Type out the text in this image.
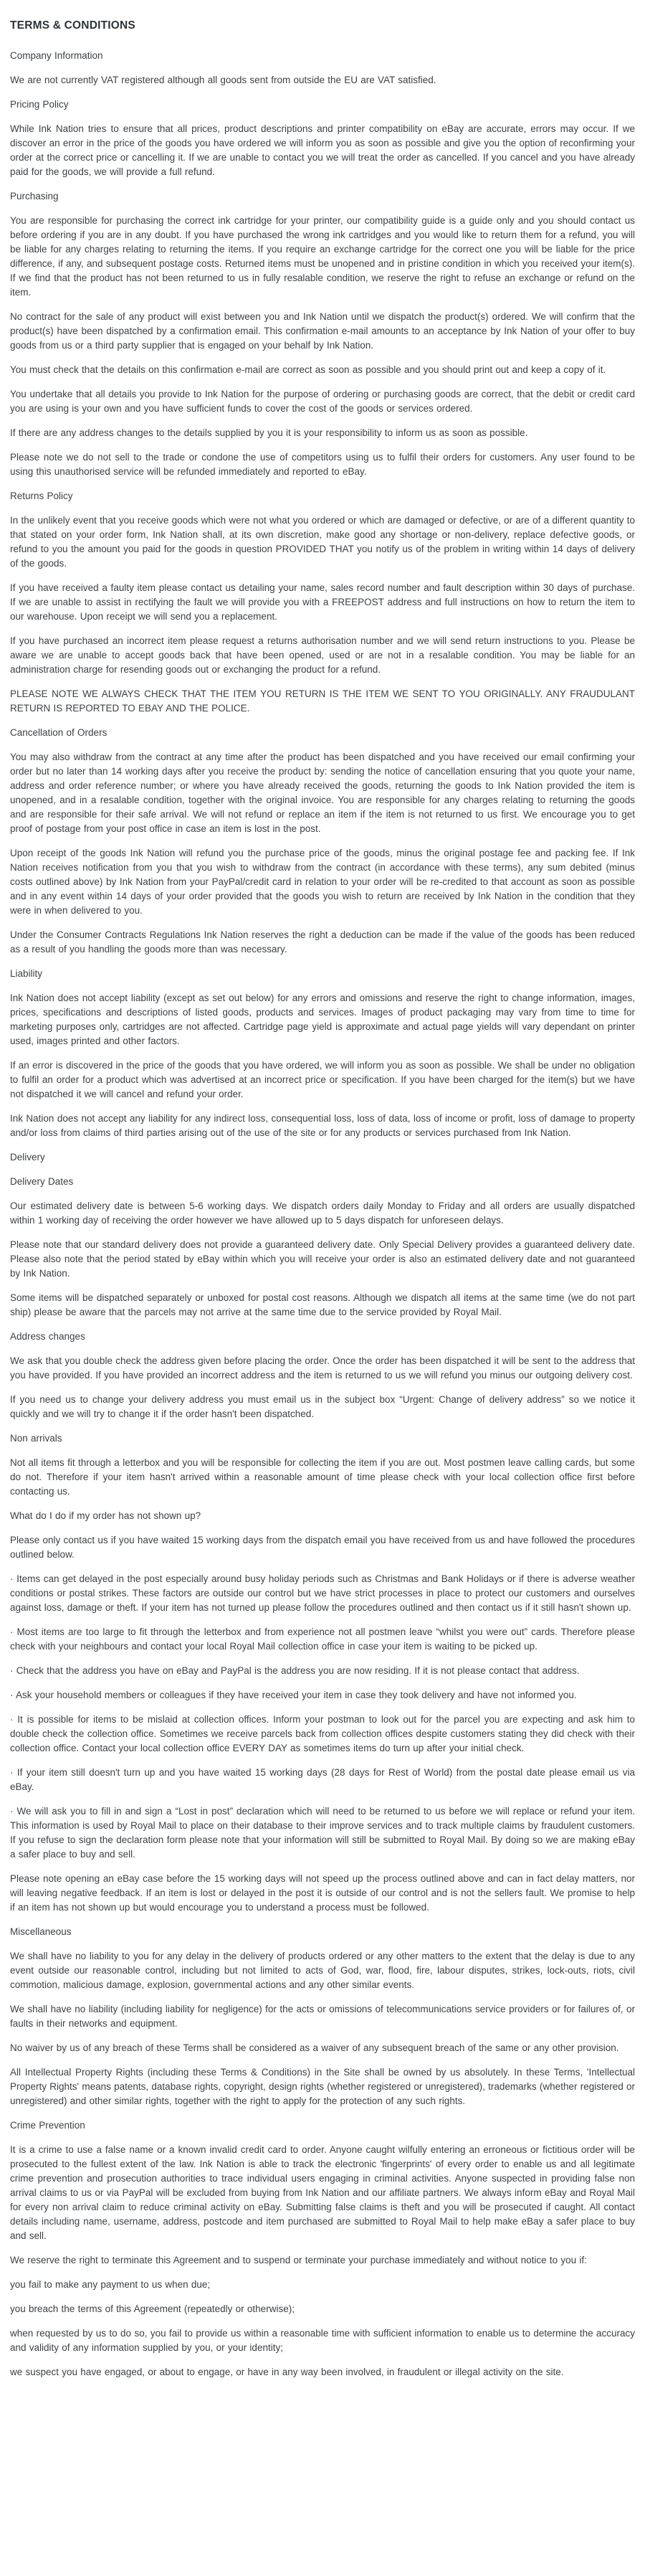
TERMS & CONDITIONS

Company Information

We are not currently VAT registered although all goods sent from outside the EU are VAT satisfied.

Pricing Policy

While Ink Nation tries to ensure that all prices, product descriptions and printer compatibility on eBay are accurate, errors may occur. If we discover an error in the price of the goods you have ordered we will inform you as soon as possible and give you the option of reconfirming your order at the correct price or cancelling it. If we are unable to contact you we will treat the order as cancelled. If you cancel and you have already paid for the goods, we will provide a full refund.

Purchasing

You are responsible for purchasing the correct ink cartridge for your printer, our compatibility guide is a guide only and you should contact us before ordering if you are in any doubt. If you have purchased the wrong ink cartridges and you would like to return them for a refund, you will be liable for any charges relating to returning the items. If you require an exchange cartridge for the correct one you will be liable for the price difference, if any, and subsequent postage costs. Returned items must be unopened and in pristine condition in which you received your item(s). If we find that the product has not been returned to us in fully resalable condition, we reserve the right to refuse an exchange or refund on the item.

No contract for the sale of any product will exist between you and Ink Nation until we dispatch the product(s) ordered. We will confirm that the product(s) have been dispatched by a confirmation email. This confirmation e-mail amounts to an acceptance by Ink Nation of your offer to buy goods from us or a third party supplier that is engaged on your behalf by Ink Nation.

You must check that the details on this confirmation e-mail are correct as soon as possible and you should print out and keep a copy of it.

You undertake that all details you provide to Ink Nation for the purpose of ordering or purchasing goods are correct, that the debit or credit card you are using is your own and you have sufficient funds to cover the cost of the goods or services ordered.

If there are any address changes to the details supplied by you it is your responsibility to inform us as soon as possible.

Please note we do not sell to the trade or condone the use of competitors using us to fulfil their orders for customers. Any user found to be using this unauthorised service will be refunded immediately and reported to eBay.

Returns Policy

In the unlikely event that you receive goods which were not what you ordered or which are damaged or defective, or are of a different quantity to that stated on your order form, Ink Nation shall, at its own discretion, make good any shortage or non-delivery, replace defective goods, or refund to you the amount you paid for the goods in question PROVIDED THAT you notify us of the problem in writing within 14 days of delivery of the goods.

If you have received a faulty item please contact us detailing your name, sales record number and fault description within 30 days of purchase. If we are unable to assist in rectifying the fault we will provide you with a FREEPOST address and full instructions on how to return the item to our warehouse. Upon receipt we will send you a replacement.

If you have purchased an incorrect item please request a returns authorisation number and we will send return instructions to you. Please be aware we are unable to accept goods back that have been opened, used or are not in a resalable condition. You may be liable for an administration charge for resending goods out or exchanging the product for a refund.

PLEASE NOTE WE ALWAYS CHECK THAT THE ITEM YOU RETURN IS THE ITEM WE SENT TO YOU ORIGINALLY. ANY FRAUDULANT RETURN IS REPORTED TO EBAY AND THE POLICE.

Cancellation of Orders

You may also withdraw from the contract at any time after the product has been dispatched and you have received our email confirming your order but no later than 14 working days after you receive the product by: sending the notice of cancellation ensuring that you quote your name, address and order reference number; or where you have already received the goods, returning the goods to Ink Nation provided the item is unopened, and in a resalable condition, together with the original invoice. You are responsible for any charges relating to returning the goods and are responsible for their safe arrival. We will not refund or replace an item if the item is not returned to us first. We encourage you to get proof of postage from your post office in case an item is lost in the post.

Upon receipt of the goods Ink Nation will refund you the purchase price of the goods, minus the original postage fee and packing fee. If Ink Nation receives notification from you that you wish to withdraw from the contract (in accordance with these terms), any sum debited (minus costs outlined above) by Ink Nation from your PayPal/credit card in relation to your order will be re-credited to that account as soon as possible and in any event within 14 days of your order provided that the goods you wish to return are received by Ink Nation in the condition that they were in when delivered to you.

Under the Consumer Contracts Regulations Ink Nation reserves the right a deduction can be made if the value of the goods has been reduced as a result of you handling the goods more than was necessary.

Liability

Ink Nation does not accept liability (except as set out below) for any errors and omissions and reserve the right to change information, images, prices, specifications and descriptions of listed goods, products and services. Images of product packaging may vary from time to time for marketing purposes only, cartridges are not affected. Cartridge page yield is approximate and actual page yields will vary dependant on printer used, images printed and other factors.

If an error is discovered in the price of the goods that you have ordered, we will inform you as soon as possible. We shall be under no obligation to fulfil an order for a product which was advertised at an incorrect price or specification. If you have been charged for the item(s) but we have not dispatched it we will cancel and refund your order.

Ink Nation does not accept any liability for any indirect loss, consequential loss, loss of data, loss of income or profit, loss of damage to property and/or loss from claims of third parties arising out of the use of the site or for any products or services purchased from Ink Nation.

Delivery

Delivery Dates

Our estimated delivery date is between 5-6 working days. We dispatch orders daily Monday to Friday and all orders are usually dispatched within 1 working day of receiving the order however we have allowed up to 5 days dispatch for unforeseen delays.

Please note that our standard delivery does not provide a guaranteed delivery date. Only Special Delivery provides a guaranteed delivery date. Please also note that the period stated by eBay within which you will receive your order is also an estimated delivery date and not guaranteed by Ink Nation.

Some items will be dispatched separately or unboxed for postal cost reasons. Although we dispatch all items at the same time (we do not part ship) please be aware that the parcels may not arrive at the same time due to the service provided by Royal Mail.

Address changes

We ask that you double check the address given before placing the order. Once the order has been dispatched it will be sent to the address that you have provided. If you have provided an incorrect address and the item is returned to us we will refund you minus our outgoing delivery cost.

If you need us to change your delivery address you must email us in the subject box “Urgent: Change of delivery address” so we notice it quickly and we will try to change it if the order hasn't been dispatched.

Non arrivals

Not all items fit through a letterbox and you will be responsible for collecting the item if you are out. Most postmen leave calling cards, but some do not. Therefore if your item hasn't arrived within a reasonable amount of time please check with your local collection office first before contacting us.

What do I do if my order has not shown up?

Please only contact us if you have waited 15 working days from the dispatch email you have received from us and have followed the procedures outlined below.

· Items can get delayed in the post especially around busy holiday periods such as Christmas and Bank Holidays or if there is adverse weather conditions or postal strikes. These factors are outside our control but we have strict processes in place to protect our customers and ourselves against loss, damage or theft. If your item has not turned up please follow the procedures outlined and then contact us if it still hasn't shown up.

· Most items are too large to fit through the letterbox and from experience not all postmen leave “whilst you were out” cards. Therefore please check with your neighbours and contact your local Royal Mail collection office in case your item is waiting to be picked up.

· Check that the address you have on eBay and PayPal is the address you are now residing. If it is not please contact that address.

· Ask your household members or colleagues if they have received your item in case they took delivery and have not informed you.

· It is possible for items to be mislaid at collection offices. Inform your postman to look out for the parcel you are expecting and ask him to double check the collection office. Sometimes we receive parcels back from collection offices despite customers stating they did check with their collection office. Contact your local collection office EVERY DAY as sometimes items do turn up after your initial check.

· If your item still doesn't turn up and you have waited 15 working days (28 days for Rest of World) from the postal date please email us via eBay.

· We will ask you to fill in and sign a “Lost in post” declaration which will need to be returned to us before we will replace or refund your item. This information is used by Royal Mail to place on their database to their improve services and to track multiple claims by fraudulent customers. If you refuse to sign the declaration form please note that your information will still be submitted to Royal Mail. By doing so we are making eBay a safer place to buy and sell.

Please note opening an eBay case before the 15 working days will not speed up the process outlined above and can in fact delay matters, nor will leaving negative feedback. If an item is lost or delayed in the post it is outside of our control and is not the sellers fault. We promise to help if an item has not shown up but would encourage you to understand a process must be followed.

Miscellaneous

We shall have no liability to you for any delay in the delivery of products ordered or any other matters to the extent that the delay is due to any event outside our reasonable control, including but not limited to acts of God, war, flood, fire, labour disputes, strikes, lock-outs, riots, civil commotion, malicious damage, explosion, governmental actions and any other similar events.

We shall have no liability (including liability for negligence) for the acts or omissions of telecommunications service providers or for failures of, or faults in their networks and equipment.

No waiver by us of any breach of these Terms shall be considered as a waiver of any subsequent breach of the same or any other provision.

All Intellectual Property Rights (including these Terms & Conditions) in the Site shall be owned by us absolutely. In these Terms, 'Intellectual Property Rights' means patents, database rights, copyright, design rights (whether registered or unregistered), trademarks (whether registered or unregistered) and other similar rights, together with the right to apply for the protection of any such rights.

Crime Prevention

It is a crime to use a false name or a known invalid credit card to order. Anyone caught wilfully entering an erroneous or fictitious order will be prosecuted to the fullest extent of the law. Ink Nation is able to track the electronic 'fingerprints' of every order to enable us and all legitimate crime prevention and prosecution authorities to trace individual users engaging in criminal activities. Anyone suspected in providing false non arrival claims to us or via PayPal will be excluded from buying from Ink Nation and our affiliate partners. We always inform eBay and Royal Mail for every non arrival claim to reduce criminal activity on eBay. Submitting false claims is theft and you will be prosecuted if caught. All contact details including name, username, address, postcode and item purchased are submitted to Royal Mail to help make eBay a safer place to buy and sell.

We reserve the right to terminate this Agreement and to suspend or terminate your purchase immediately and without notice to you if:

you fail to make any payment to us when due;

you breach the terms of this Agreement (repeatedly or otherwise);

when requested by us to do so, you fail to provide us within a reasonable time with sufficient information to enable us to determine the accuracy and validity of any information supplied by you, or your identity;

we suspect you have engaged, or about to engage, or have in any way been involved, in fraudulent or illegal activity on the site.
